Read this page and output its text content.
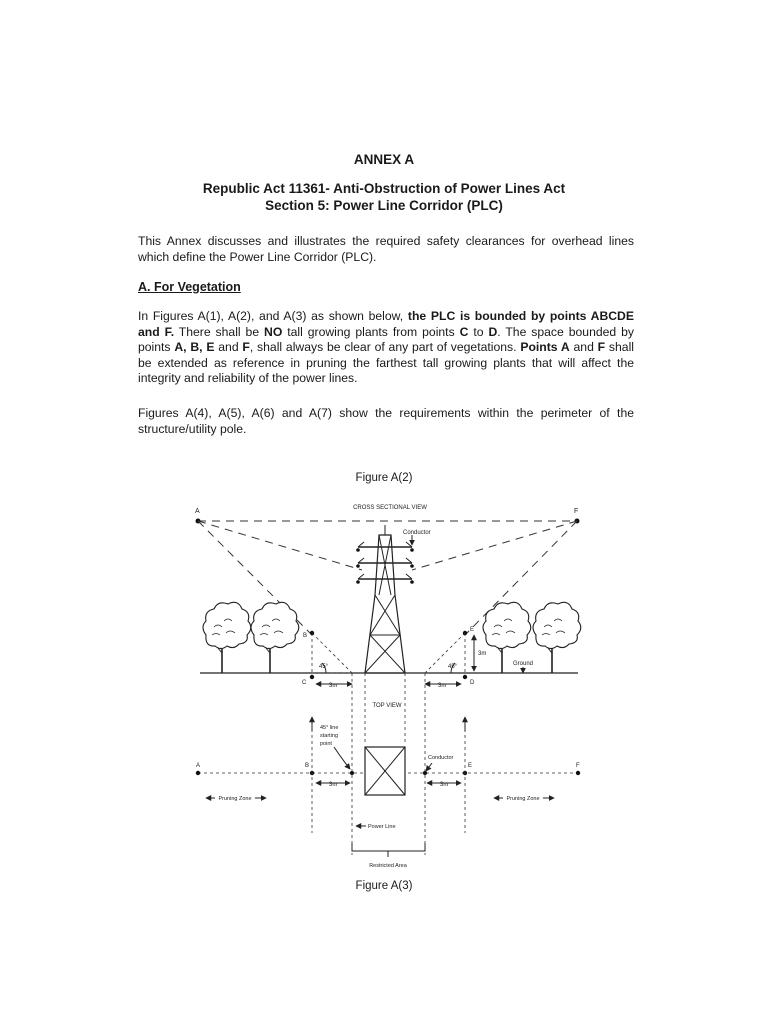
ANNEX A

Republic Act 11361- Anti-Obstruction of Power Lines Act

Section 5: Power Line Corridor (PLC)

This Annex discusses and illustrates the required safety clearances for overhead lines which define the Power Line Corridor (PLC).

A. For Vegetation

In Figures A(1), A(2), and A(3) as shown below, the PLC is bounded by points ABCDE and F. There shall be NO tall growing plants from points C to D. The space bounded by points A, B, E and F, shall always be clear of any part of vegetations. Points A and F shall be extended as reference in pruning the farthest tall growing plants that will affect the integrity and reliability of the power lines.

Figures A(4), A(5), A(6) and A(7) show the requirements within the perimeter of the structure/utility pole.

Figure A(2)

CROSS SECTIONAL VIEW
A	F
Conductor
B
C
45°
3m
E
D
45°
3m
3m
Ground
TOP VIEW
A	F
B	E
45° line
starting
point
Conductor
3m	3m
Pruning Zone	Pruning Zone
Power Line
Restricted Area

Figure A(3)
